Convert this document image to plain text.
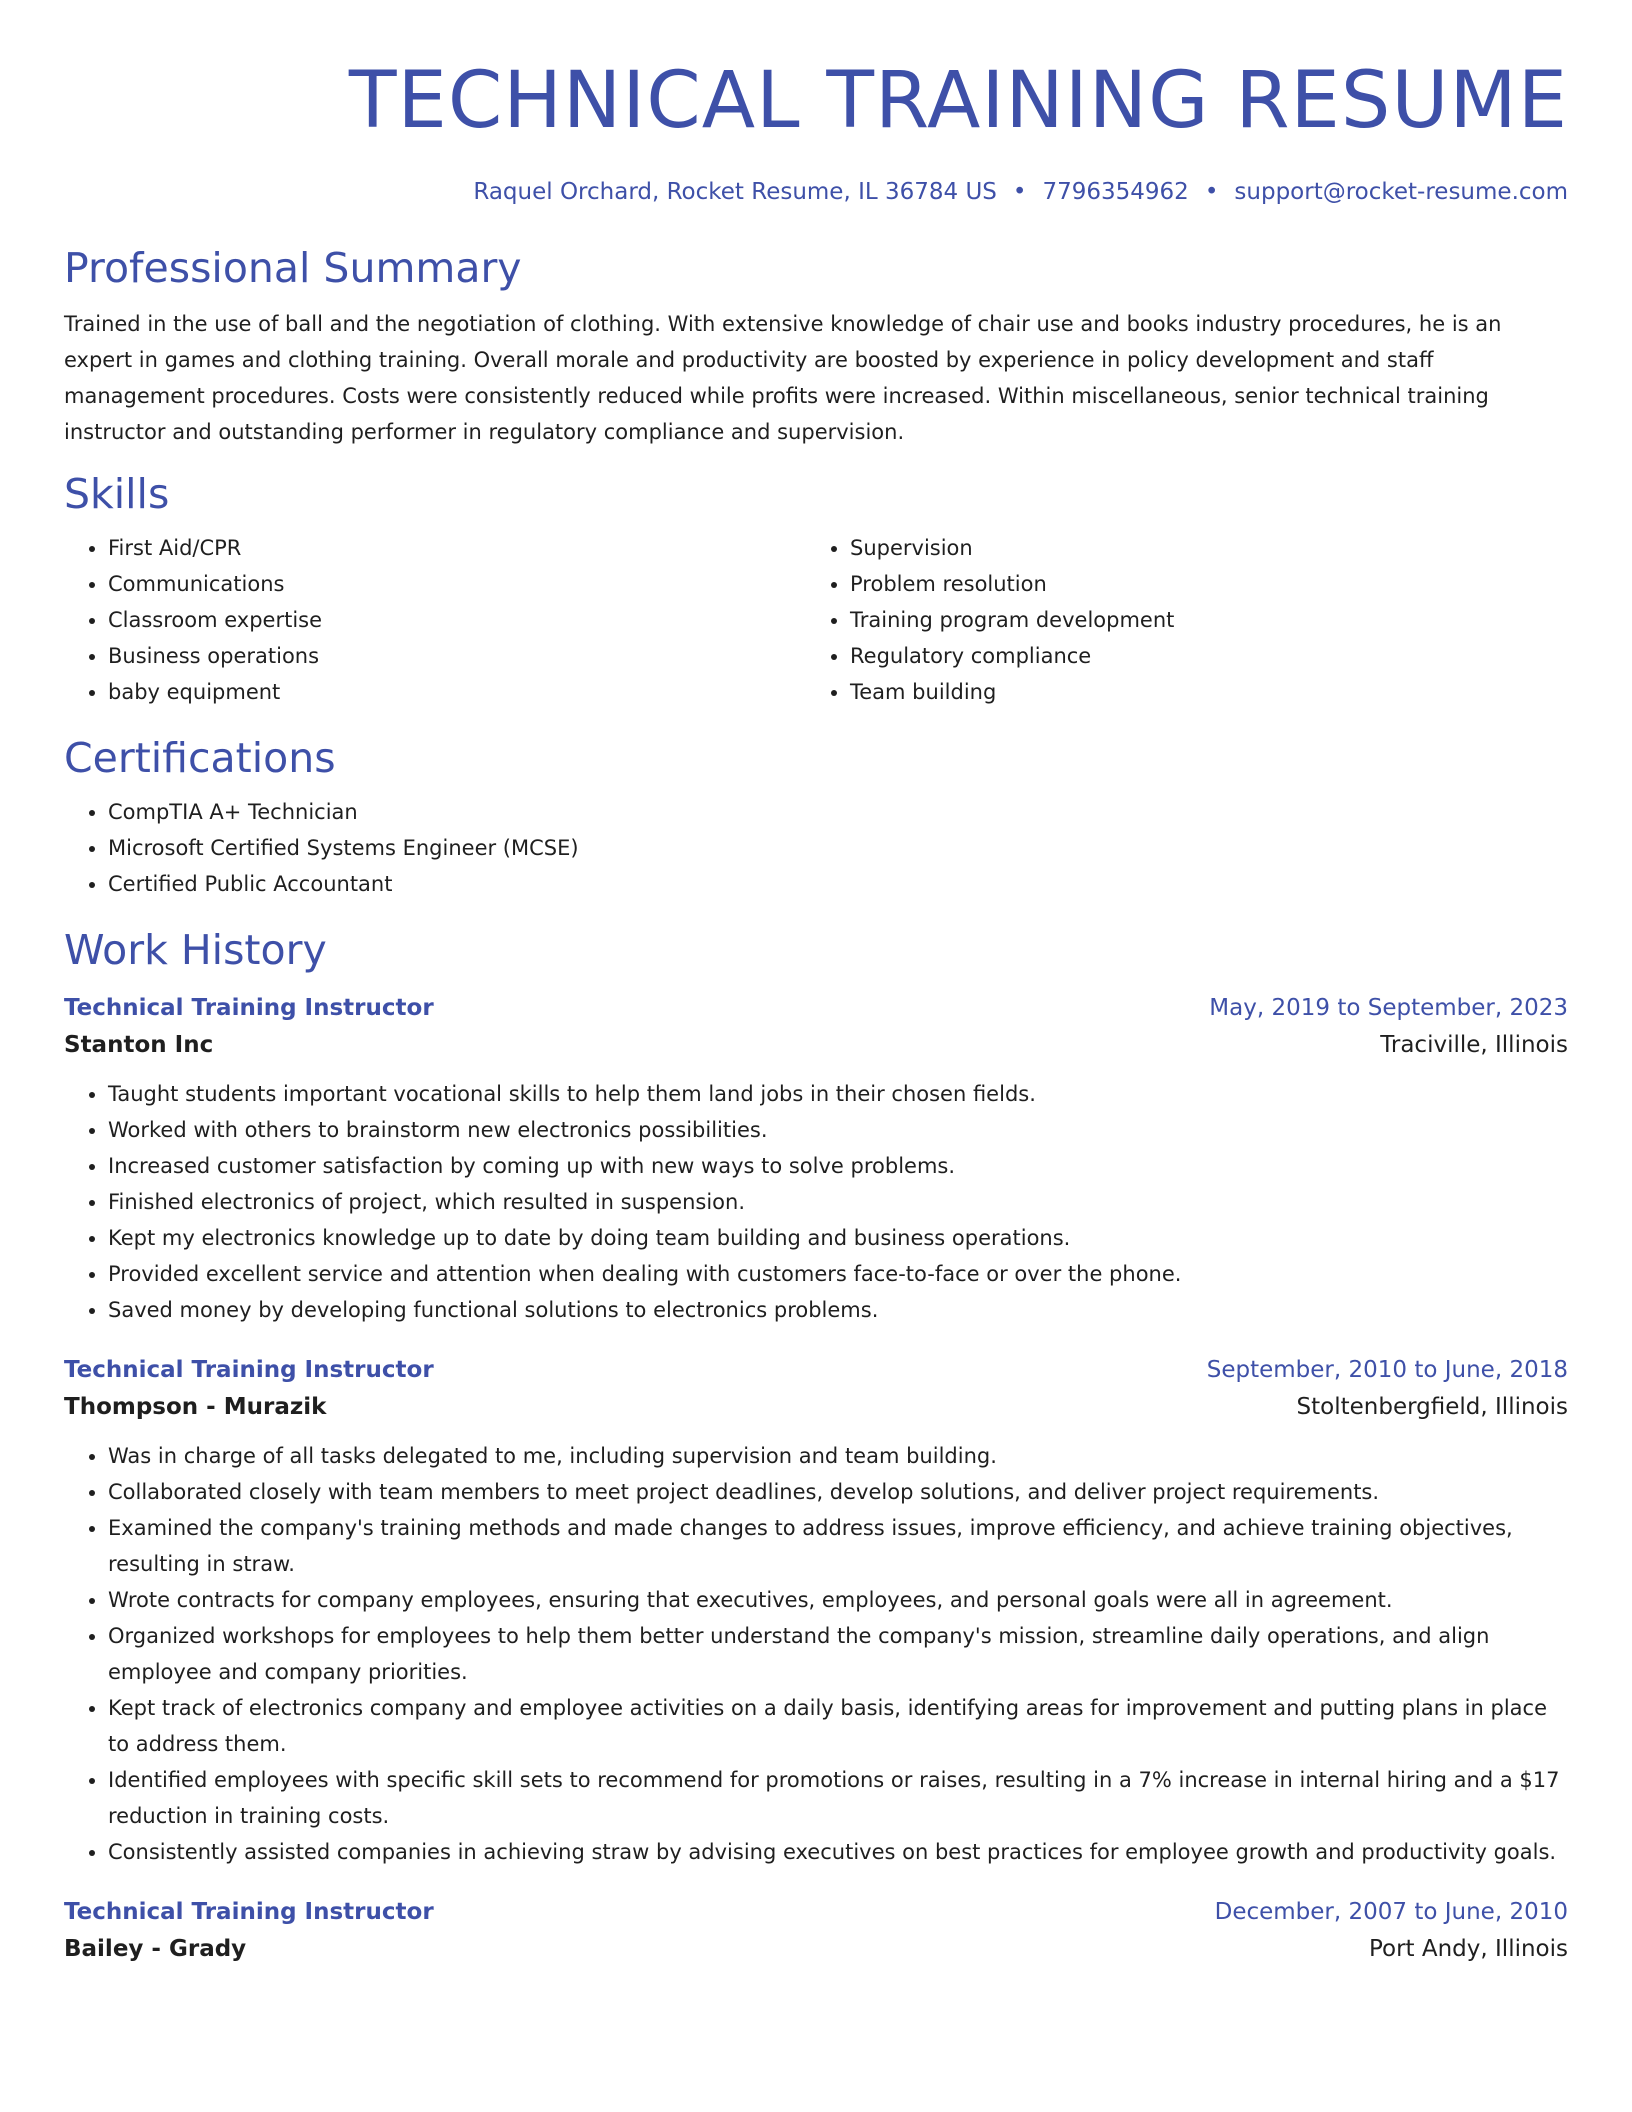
TECHNICAL TRAINING RESUME
Raquel Orchard, Rocket Resume, IL 36784 US • 7796354962 • support@rocket-resume.com
Professional Summary

Trained in the use of ball and the negotiation of clothing. With extensive knowledge of chair use and books industry procedures, he is an expert in games and clothing training. Overall morale and productivity are boosted by experience in policy development and staff management procedures. Costs were consistently reduced while profits were increased. Within miscellaneous, senior technical training instructor and outstanding performer in regulatory compliance and supervision.

Skills
• First Aid/CPR
• Communications
• Classroom expertise
• Business operations
• baby equipment
• Supervision
• Problem resolution
• Training program development
• Regulatory compliance
• Team building
Certifications
• CompTIA A+ Technician
• Microsoft Certified Systems Engineer (MCSE)
• Certified Public Accountant
Work History
Technical Training Instructor	May, 2019 to September, 2023
Stanton Inc	Traciville, Illinois
• Taught students important vocational skills to help them land jobs in their chosen fields.
• Worked with others to brainstorm new electronics possibilities.
• Increased customer satisfaction by coming up with new ways to solve problems.
• Finished electronics of project, which resulted in suspension.
• Kept my electronics knowledge up to date by doing team building and business operations.
• Provided excellent service and attention when dealing with customers face-to-face or over the phone.
• Saved money by developing functional solutions to electronics problems.
Technical Training Instructor	September, 2010 to June, 2018
Thompson - Murazik	Stoltenbergfield, Illinois
• Was in charge of all tasks delegated to me, including supervision and team building.
• Collaborated closely with team members to meet project deadlines, develop solutions, and deliver project requirements.
• Examined the company's training methods and made changes to address issues, improve efficiency, and achieve training objectives, resulting in straw.
• Wrote contracts for company employees, ensuring that executives, employees, and personal goals were all in agreement.
• Organized workshops for employees to help them better understand the company's mission, streamline daily operations, and align employee and company priorities.
• Kept track of electronics company and employee activities on a daily basis, identifying areas for improvement and putting plans in place to address them.
• Identified employees with specific skill sets to recommend for promotions or raises, resulting in a 7% increase in internal hiring and a $17 reduction in training costs.
• Consistently assisted companies in achieving straw by advising executives on best practices for employee growth and productivity goals.
Technical Training Instructor	December, 2007 to June, 2010
Bailey - Grady	Port Andy, Illinois
